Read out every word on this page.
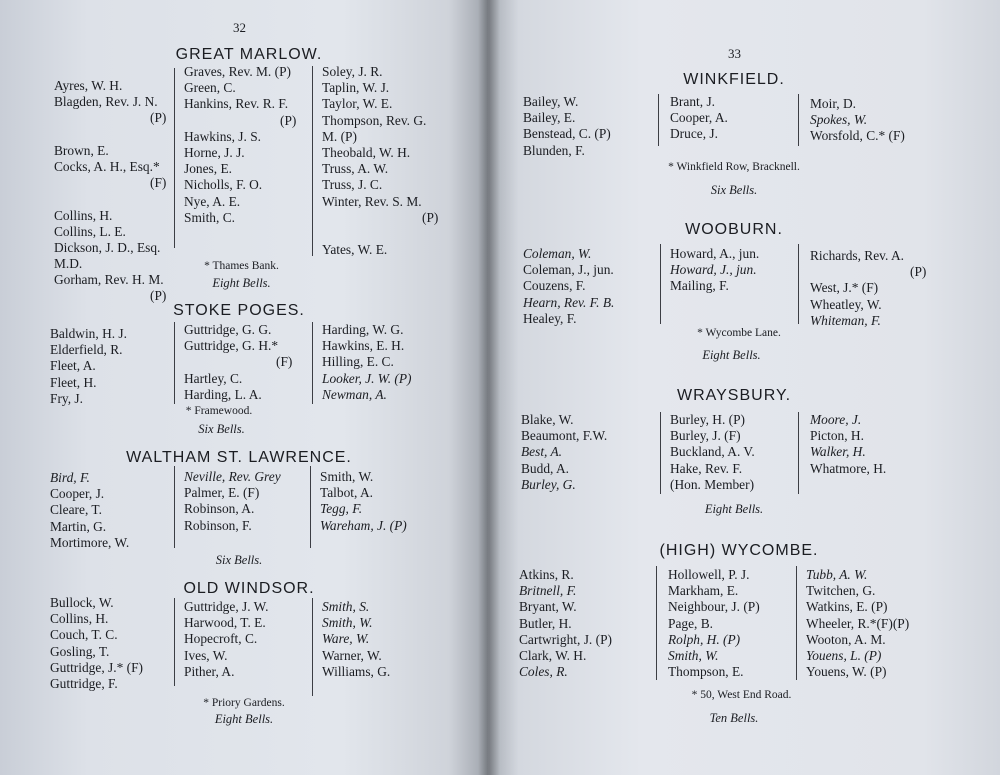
32
GREAT MARLOW.
Ayres, W. H.
Blagden, Rev. J. N.
(P)
Brown, E.
Cocks, A. H., Esq.*
(F)
Collins, H.
Collins, L. E.
Dickson, J. D., Esq.
M.D.
Gorham, Rev. H. M.
(P)
Graves, Rev. M. (P)
Green, C.
Hankins, Rev. R. F.
(P)
Hawkins, J. S.
Horne, J. J.
Jones, E.
Nicholls, F. O.
Nye, A. E.
Smith, C.
Soley, J. R.
Taplin, W. J.
Taylor, W. E.
Thompson, Rev. G.
M. (P)
Theobald, W. H.
Truss, A. W.
Truss, J. C.
Winter, Rev. S. M.
(P)
Yates, W. E.
* Thames Bank.
Eight Bells.
STOKE POGES.
Baldwin, H. J.
Elderfield, R.
Fleet, A.
Fleet, H.
Fry, J.
Guttridge, G. G.
Guttridge, G. H.*
(F)
Hartley, C.
Harding, L. A.
Harding, W. G.
Hawkins, E. H.
Hilling, E. C.
Looker, J. W. (P)
Newman, A.
* Framewood.
Six Bells.
WALTHAM ST. LAWRENCE.
Bird, F.
Cooper, J.
Cleare, T.
Martin, G.
Mortimore, W.
Neville, Rev. Grey
Palmer, E. (F)
Robinson, A.
Robinson, F.
Smith, W.
Talbot, A.
Tegg, F.
Wareham, J. (P)
Six Bells.
OLD WINDSOR.
Bullock, W.
Collins, H.
Couch, T. C.
Gosling, T.
Guttridge, J.* (F)
Guttridge, F.
Guttridge, J. W.
Harwood, T. E.
Hopecroft, C.
Ives, W.
Pither, A.
Smith, S.
Smith, W.
Ware, W.
Warner, W.
Williams, G.
* Priory Gardens.
Eight Bells.
33
WINKFIELD.
Bailey, W.
Bailey, E.
Benstead, C. (P)
Blunden, F.
Brant, J.
Cooper, A.
Druce, J.
Moir, D.
Spokes, W.
Worsfold, C.* (F)
* Winkfield Row, Bracknell.
Six Bells.
WOOBURN.
Coleman, W.
Coleman, J., jun.
Couzens, F.
Hearn, Rev. F. B.
Healey, F.
Howard, A., jun.
Howard, J., jun.
Mailing, F.
Richards, Rev. A.
(P)
West, J.* (F)
Wheatley, W.
Whiteman, F.
* Wycombe Lane.
Eight Bells.
WRAYSBURY.
Blake, W.
Beaumont, F.W.
Best, A.
Budd, A.
Burley, G.
Burley, H. (P)
Burley, J. (F)
Buckland, A. V.
Hake, Rev. F.
(Hon. Member)
Moore, J.
Picton, H.
Walker, H.
Whatmore, H.
Eight Bells.
(HIGH) WYCOMBE.
Atkins, R.
Britnell, F.
Bryant, W.
Butler, H.
Cartwright, J. (P)
Clark, W. H.
Coles, R.
Hollowell, P. J.
Markham, E.
Neighbour, J. (P)
Page, B.
Rolph, H. (P)
Smith, W.
Thompson, E.
Tubb, A. W.
Twitchen, G.
Watkins, E. (P)
Wheeler, R.*(F)(P)
Wooton, A. M.
Youens, L. (P)
Youens, W. (P)
* 50, West End Road.
Ten Bells.
